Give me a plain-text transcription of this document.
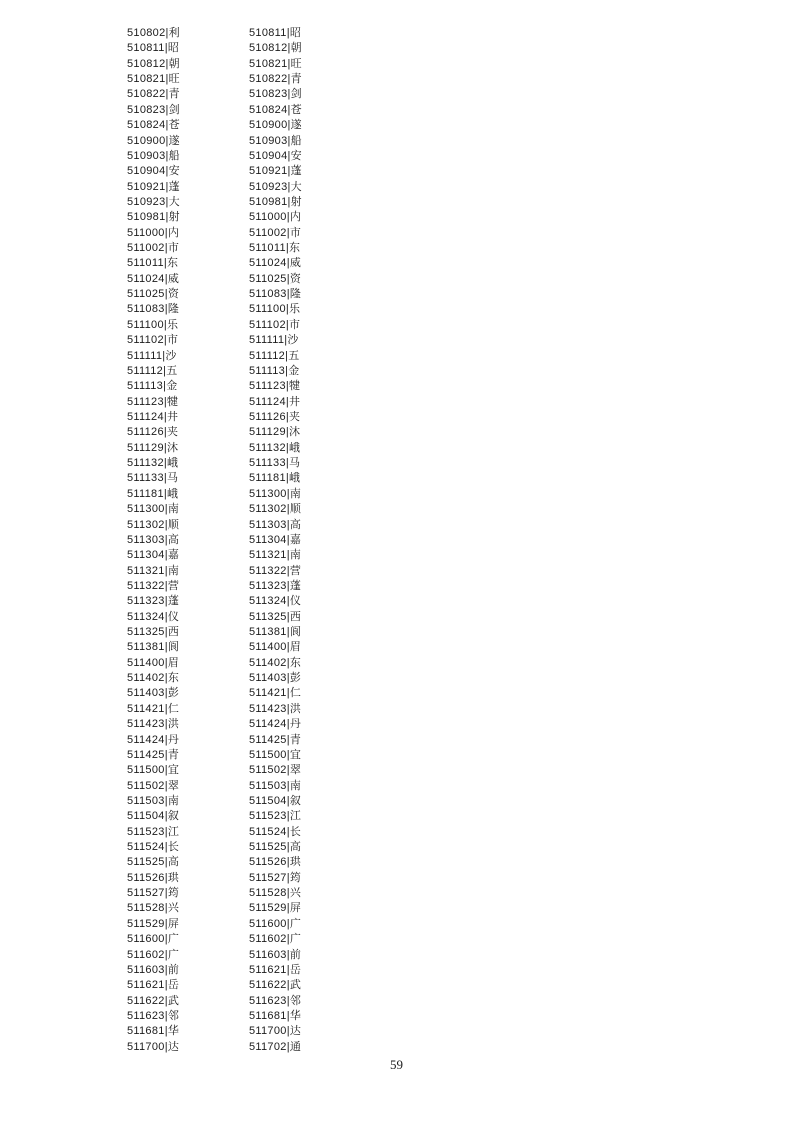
510802|利
510811|昭
510812|朝
510821|旺
510822|青
510823|剑
510824|苍
510900|遂
510903|船
510904|安
510921|蓬
510923|大
510981|射
511000|内
511002|市
511011|东
511024|威
511025|资
511083|隆
511100|乐
511102|市
511111|沙
511112|五
511113|金
511123|犍
511124|井
511126|夹
511129|沐
511132|峨
511133|马
511181|峨
511300|南
511302|顺
511303|高
511304|嘉
511321|南
511322|营
511323|蓬
511324|仪
511325|西
511381|阆
511400|眉
511402|东
511403|彭
511421|仁
511423|洪
511424|丹
511425|青
511500|宜
511502|翠
511503|南
511504|叙
511523|江
511524|长
511525|高
511526|珙
511527|筠
511528|兴
511529|屏
511600|广
511602|广
511603|前
511621|岳
511622|武
511623|邻
511681|华
511700|达
510811|昭
510812|朝
510821|旺
510822|青
510823|剑
510824|苍
510900|遂
510903|船
510904|安
510921|蓬
510923|大
510981|射
511000|内
511002|市
511011|东
511024|威
511025|资
511083|隆
511100|乐
511102|市
511111|沙
511112|五
511113|金
511123|犍
511124|井
511126|夹
511129|沐
511132|峨
511133|马
511181|峨
511300|南
511302|顺
511303|高
511304|嘉
511321|南
511322|营
511323|蓬
511324|仪
511325|西
511381|阆
511400|眉
511402|东
511403|彭
511421|仁
511423|洪
511424|丹
511425|青
511500|宜
511502|翠
511503|南
511504|叙
511523|江
511524|长
511525|高
511526|珙
511527|筠
511528|兴
511529|屏
511600|广
511602|广
511603|前
511621|岳
511622|武
511623|邻
511681|华
511700|达
511702|通
59
